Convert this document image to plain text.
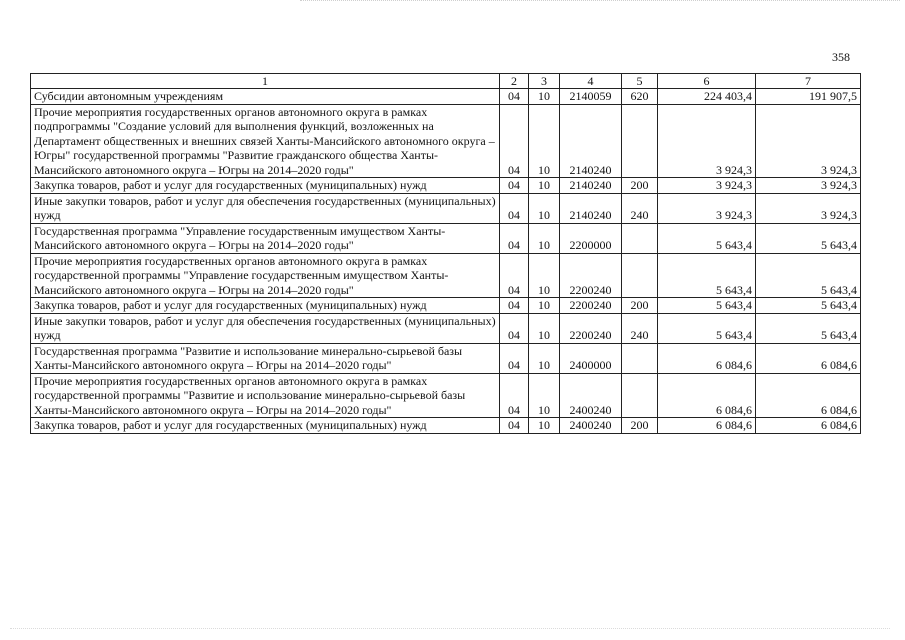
358
1	2	3	4	5	6	7
Субсидии автономным учреждениям	04	10	2140059	620	224 403,4	191 907,5
Прочие мероприятия государственных органов автономного округа в рамках подпрограммы "Создание условий для выполнения функций, возложенных на Департамент общественных и внешних связей Ханты-Мансийского автономного округа – Югры" государственной программы "Развитие гражданского общества Ханты-Мансийского автономного округа – Югры на 2014–2020 годы"	04	10	2140240		3 924,3	3 924,3
Закупка товаров, работ и услуг для государственных (муниципальных) нужд	04	10	2140240	200	3 924,3	3 924,3
Иные закупки товаров, работ и услуг для обеспечения государственных (муниципальных) нужд	04	10	2140240	240	3 924,3	3 924,3
Государственная программа "Управление государственным имуществом Ханты-Мансийского автономного округа – Югры на 2014–2020 годы"	04	10	2200000		5 643,4	5 643,4
Прочие мероприятия государственных органов автономного округа в рамках государственной программы "Управление государственным имуществом Ханты-Мансийского автономного округа – Югры на 2014–2020 годы"	04	10	2200240		5 643,4	5 643,4
Закупка товаров, работ и услуг для государственных (муниципальных) нужд	04	10	2200240	200	5 643,4	5 643,4
Иные закупки товаров, работ и услуг для обеспечения государственных (муниципальных) нужд	04	10	2200240	240	5 643,4	5 643,4
Государственная программа "Развитие и использование минерально-сырьевой базы Ханты-Мансийского автономного округа – Югры на 2014–2020 годы"	04	10	2400000		6 084,6	6 084,6
Прочие мероприятия государственных органов автономного округа в рамках государственной программы "Развитие и использование минерально-сырьевой базы Ханты-Мансийского автономного округа – Югры на 2014–2020 годы"	04	10	2400240		6 084,6	6 084,6
Закупка товаров, работ и услуг для государственных (муниципальных) нужд	04	10	2400240	200	6 084,6	6 084,6
